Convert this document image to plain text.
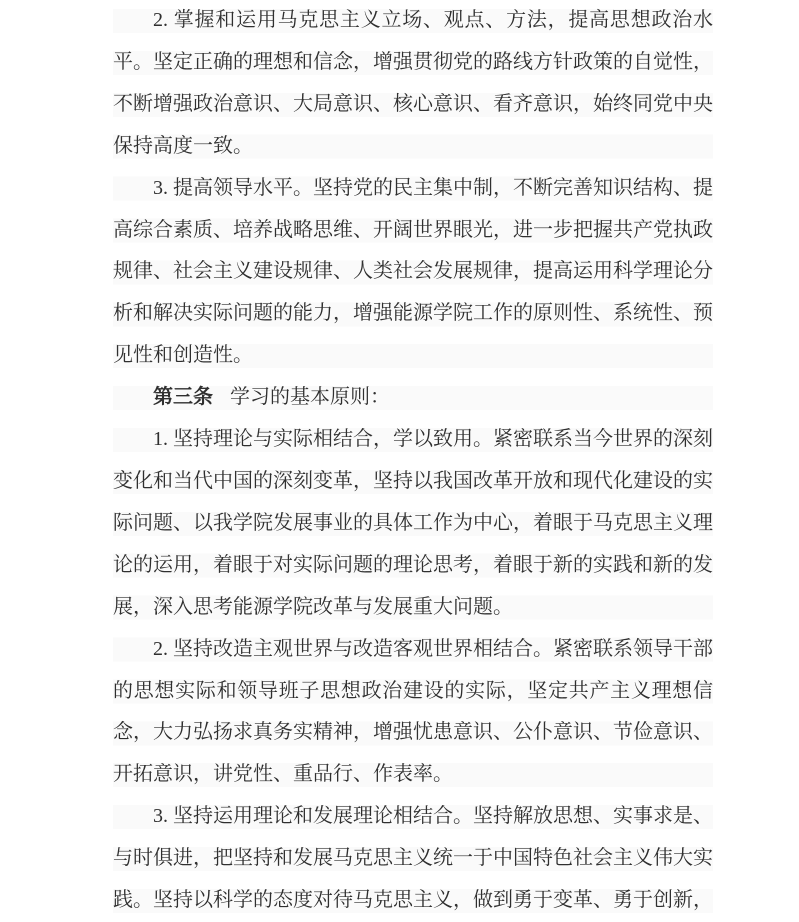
2. 掌握和运用马克思主义立场、观点、方法，提高思想政治水平。坚定正确的理想和信念，增强贯彻党的路线方针政策的自觉性，不断增强政治意识、大局意识、核心意识、看齐意识，始终同党中央保持高度一致。

3. 提高领导水平。坚持党的民主集中制，不断完善知识结构、提高综合素质、培养战略思维、开阔世界眼光，进一步把握共产党执政规律、社会主义建设规律、人类社会发展规律，提高运用科学理论分析和解决实际问题的能力，增强能源学院工作的原则性、系统性、预见性和创造性。

第三条 学习的基本原则：

1. 坚持理论与实际相结合，学以致用。紧密联系当今世界的深刻变化和当代中国的深刻变革，坚持以我国改革开放和现代化建设的实际问题、以我学院发展事业的具体工作为中心，着眼于马克思主义理论的运用，着眼于对实际问题的理论思考，着眼于新的实践和新的发展，深入思考能源学院改革与发展重大问题。

2. 坚持改造主观世界与改造客观世界相结合。紧密联系领导干部的思想实际和领导班子思想政治建设的实际，坚定共产主义理想信念，大力弘扬求真务实精神，增强忧患意识、公仆意识、节俭意识、开拓意识，讲党性、重品行、作表率。

3. 坚持运用理论和发展理论相结合。坚持解放思想、实事求是、与时俱进，把坚持和发展马克思主义统一于中国特色社会主义伟大实践。坚持以科学的态度对待马克思主义，做到勇于变革、勇于创新，
